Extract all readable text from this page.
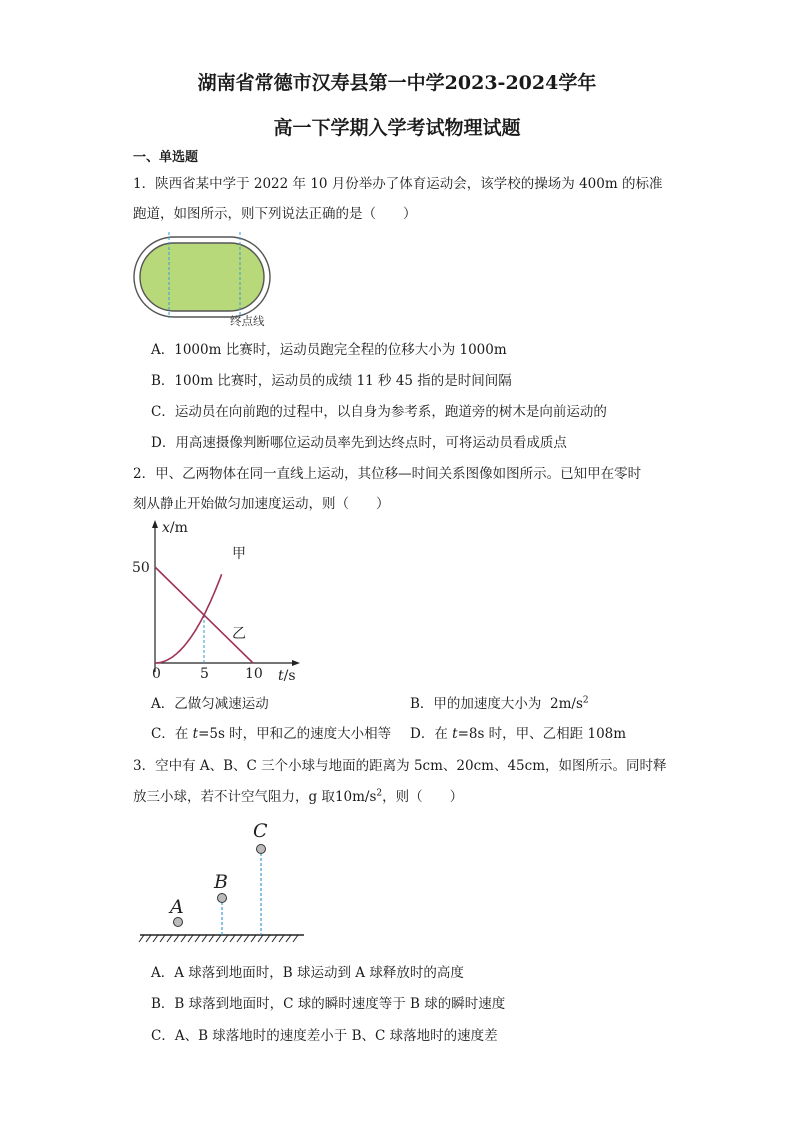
湖南省常德市汉寿县第一中学2023-2024学年
高一下学期入学考试物理试题
一、单选题
1．陕西省某中学于 2022 年 10 月份举办了体育运动会，该学校的操场为 400m 的标准
跑道，如图所示，则下列说法正确的是（　　）
终点线
A．1000m 比赛时，运动员跑完全程的位移大小为 1000m
B．100m 比赛时，运动员的成绩 11 秒 45 指的是时间间隔
C．运动员在向前跑的过程中，以自身为参考系，跑道旁的树木是向前运动的
D．用高速摄像判断哪位运动员率先到达终点时，可将运动员看成质点
2．甲、乙两物体在同一直线上运动，其位移—时间关系图像如图所示。已知甲在零时
刻从静止开始做匀加速度运动，则（　　）
x/m
t/s
甲
乙
0	5	10
50
A．乙做匀减速运动	B．甲的加速度大小为 $2m/s^2$
C．在 t=5s 时，甲和乙的速度大小相等 D．在 t=8s 时，甲、乙相距 108m
3．空中有 A、B、C 三个小球与地面的距离为 5cm、20cm、45cm，如图所示。同时释
放三小球，若不计空气阻力，g 取$10m/s^2$，则（　　）
A
B
C
A．A 球落到地面时，B 球运动到 A 球释放时的高度
B．B 球落到地面时，C 球的瞬时速度等于 B 球的瞬时速度
C．A、B 球落地时的速度差小于 B、C 球落地时的速度差
